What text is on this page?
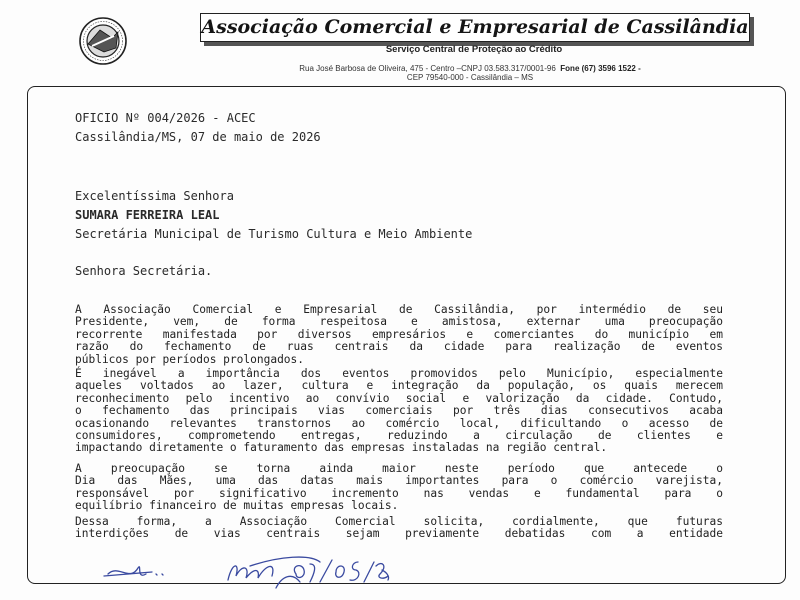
Associação Comercial e Empresarial de Cassilândia
Serviço Central de Proteção ao Crédito
Rua José Barbosa de Oliveira, 475 - Centro –CNPJ 03.583.317/0001-96 Fone (67) 3596 1522 -
CEP 79540-000 - Cassilândia – MS
OFICIO Nº 004/2026 - ACEC
Cassilândia/MS, 07 de maio de 2026
Excelentíssima Senhora
SUMARA FERREIRA LEAL
Secretária Municipal de Turismo Cultura e Meio Ambiente
Senhora Secretária.
A Associação Comercial e Empresarial de Cassilândia, por intermédio de seu
Presidente, vem, de forma respeitosa e amistosa, externar uma preocupação
recorrente manifestada por diversos empresários e comerciantes do município em
razão do fechamento de ruas centrais da cidade para realização de eventos
públicos por períodos prolongados.
É inegável a importância dos eventos promovidos pelo Município, especialmente
aqueles voltados ao lazer, cultura e integração da população, os quais merecem
reconhecimento pelo incentivo ao convívio social e valorização da cidade. Contudo,
o fechamento das principais vias comerciais por três dias consecutivos acaba
ocasionando relevantes transtornos ao comércio local, dificultando o acesso de
consumidores, comprometendo entregas, reduzindo a circulação de clientes e
impactando diretamente o faturamento das empresas instaladas na região central.
A preocupação se torna ainda maior neste período que antecede o
Dia das Mães, uma das datas mais importantes para o comércio varejista,
responsável por significativo incremento nas vendas e fundamental para o
equilíbrio financeiro de muitas empresas locais.
Dessa forma, a Associação Comercial solicita, cordialmente, que futuras
interdições de vias centrais sejam previamente debatidas com a entidade
